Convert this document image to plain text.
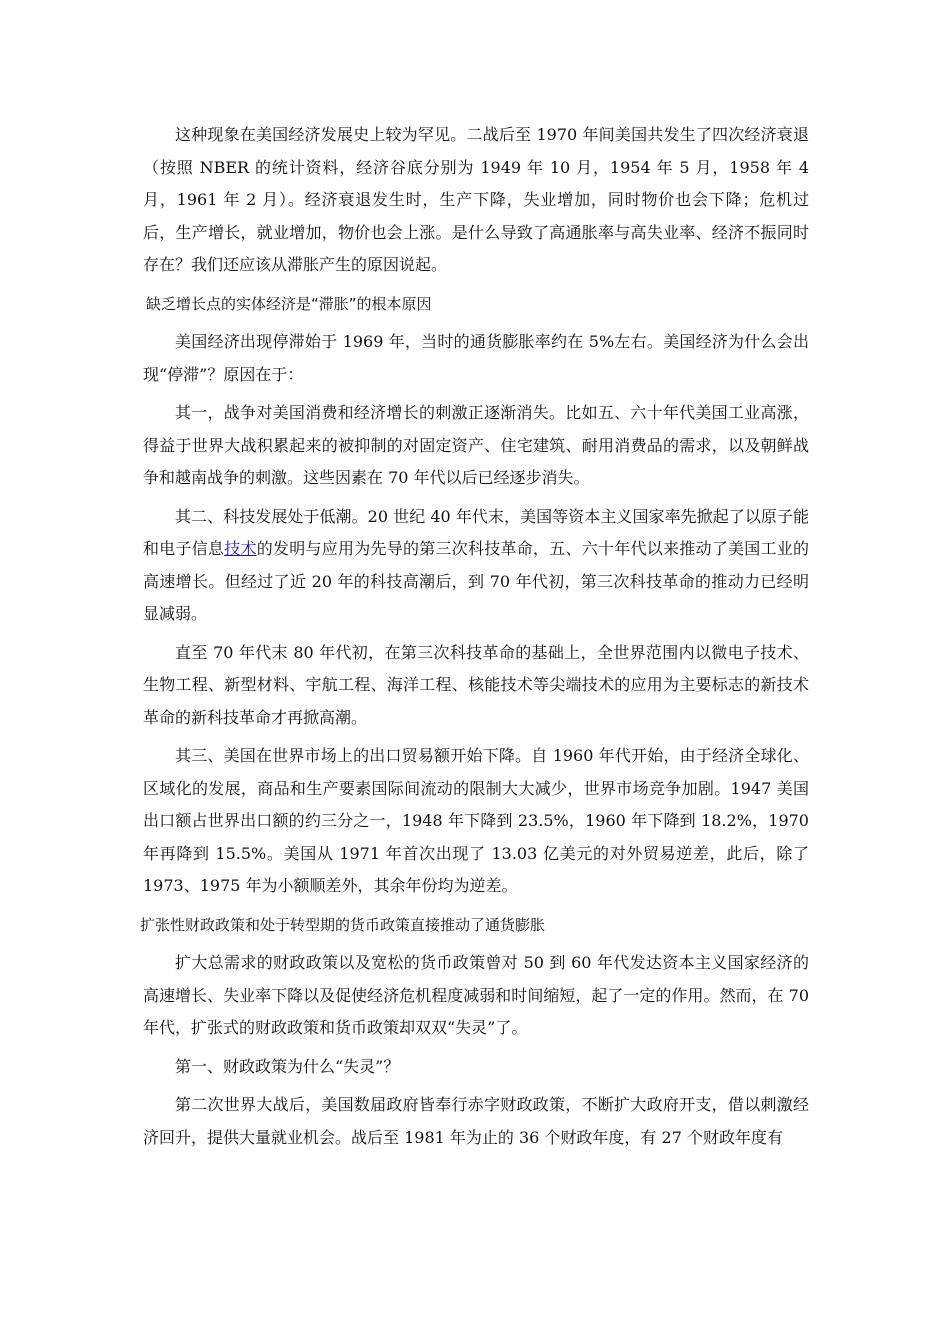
这种现象在美国经济发展史上较为罕见。二战后至 1970 年间美国共发生了四次经济衰退（按照 NBER 的统计资料，经济谷底分别为 1949 年 10 月，1954 年 5 月，1958 年 4 月，1961 年 2 月）。经济衰退发生时，生产下降，失业增加，同时物价也会下降；危机过后，生产增长，就业增加，物价也会上涨。是什么导致了高通胀率与高失业率、经济不振同时存在？我们还应该从滞胀产生的原因说起。

缺乏增长点的实体经济是“滞胀”的根本原因

美国经济出现停滞始于 1969 年，当时的通货膨胀率约在 5%左右。美国经济为什么会出现“停滞”？原因在于：

其一，战争对美国消费和经济增长的刺激正逐渐消失。比如五、六十年代美国工业高涨，得益于世界大战积累起来的被抑制的对固定资产、住宅建筑、耐用消费品的需求，以及朝鲜战争和越南战争的刺激。这些因素在 70 年代以后已经逐步消失。

其二、科技发展处于低潮。20 世纪 40 年代末，美国等资本主义国家率先掀起了以原子能和电子信息技术的发明与应用为先导的第三次科技革命，五、六十年代以来推动了美国工业的高速增长。但经过了近 20 年的科技高潮后，到 70 年代初，第三次科技革命的推动力已经明显减弱。

直至 70 年代末 80 年代初，在第三次科技革命的基础上，全世界范围内以微电子技术、生物工程、新型材料、宇航工程、海洋工程、核能技术等尖端技术的应用为主要标志的新技术革命的新科技革命才再掀高潮。

其三、美国在世界市场上的出口贸易额开始下降。自 1960 年代开始，由于经济全球化、区域化的发展，商品和生产要素国际间流动的限制大大减少，世界市场竞争加剧。1947 美国出口额占世界出口额的约三分之一，1948 年下降到 23.5%，1960 年下降到 18.2%，1970 年再降到 15.5%。美国从 1971 年首次出现了 13.03 亿美元的对外贸易逆差，此后，除了 1973、1975 年为小额顺差外，其余年份均为逆差。

扩张性财政政策和处于转型期的货币政策直接推动了通货膨胀

扩大总需求的财政政策以及宽松的货币政策曾对 50 到 60 年代发达资本主义国家经济的高速增长、失业率下降以及促使经济危机程度减弱和时间缩短，起了一定的作用。然而，在 70 年代，扩张式的财政政策和货币政策却双双“失灵”了。

第一、财政政策为什么“失灵”？

第二次世界大战后，美国数届政府皆奉行赤字财政政策，不断扩大政府开支，借以刺激经济回升，提供大量就业机会。战后至 1981 年为止的 36 个财政年度，有 27 个财政年度有
